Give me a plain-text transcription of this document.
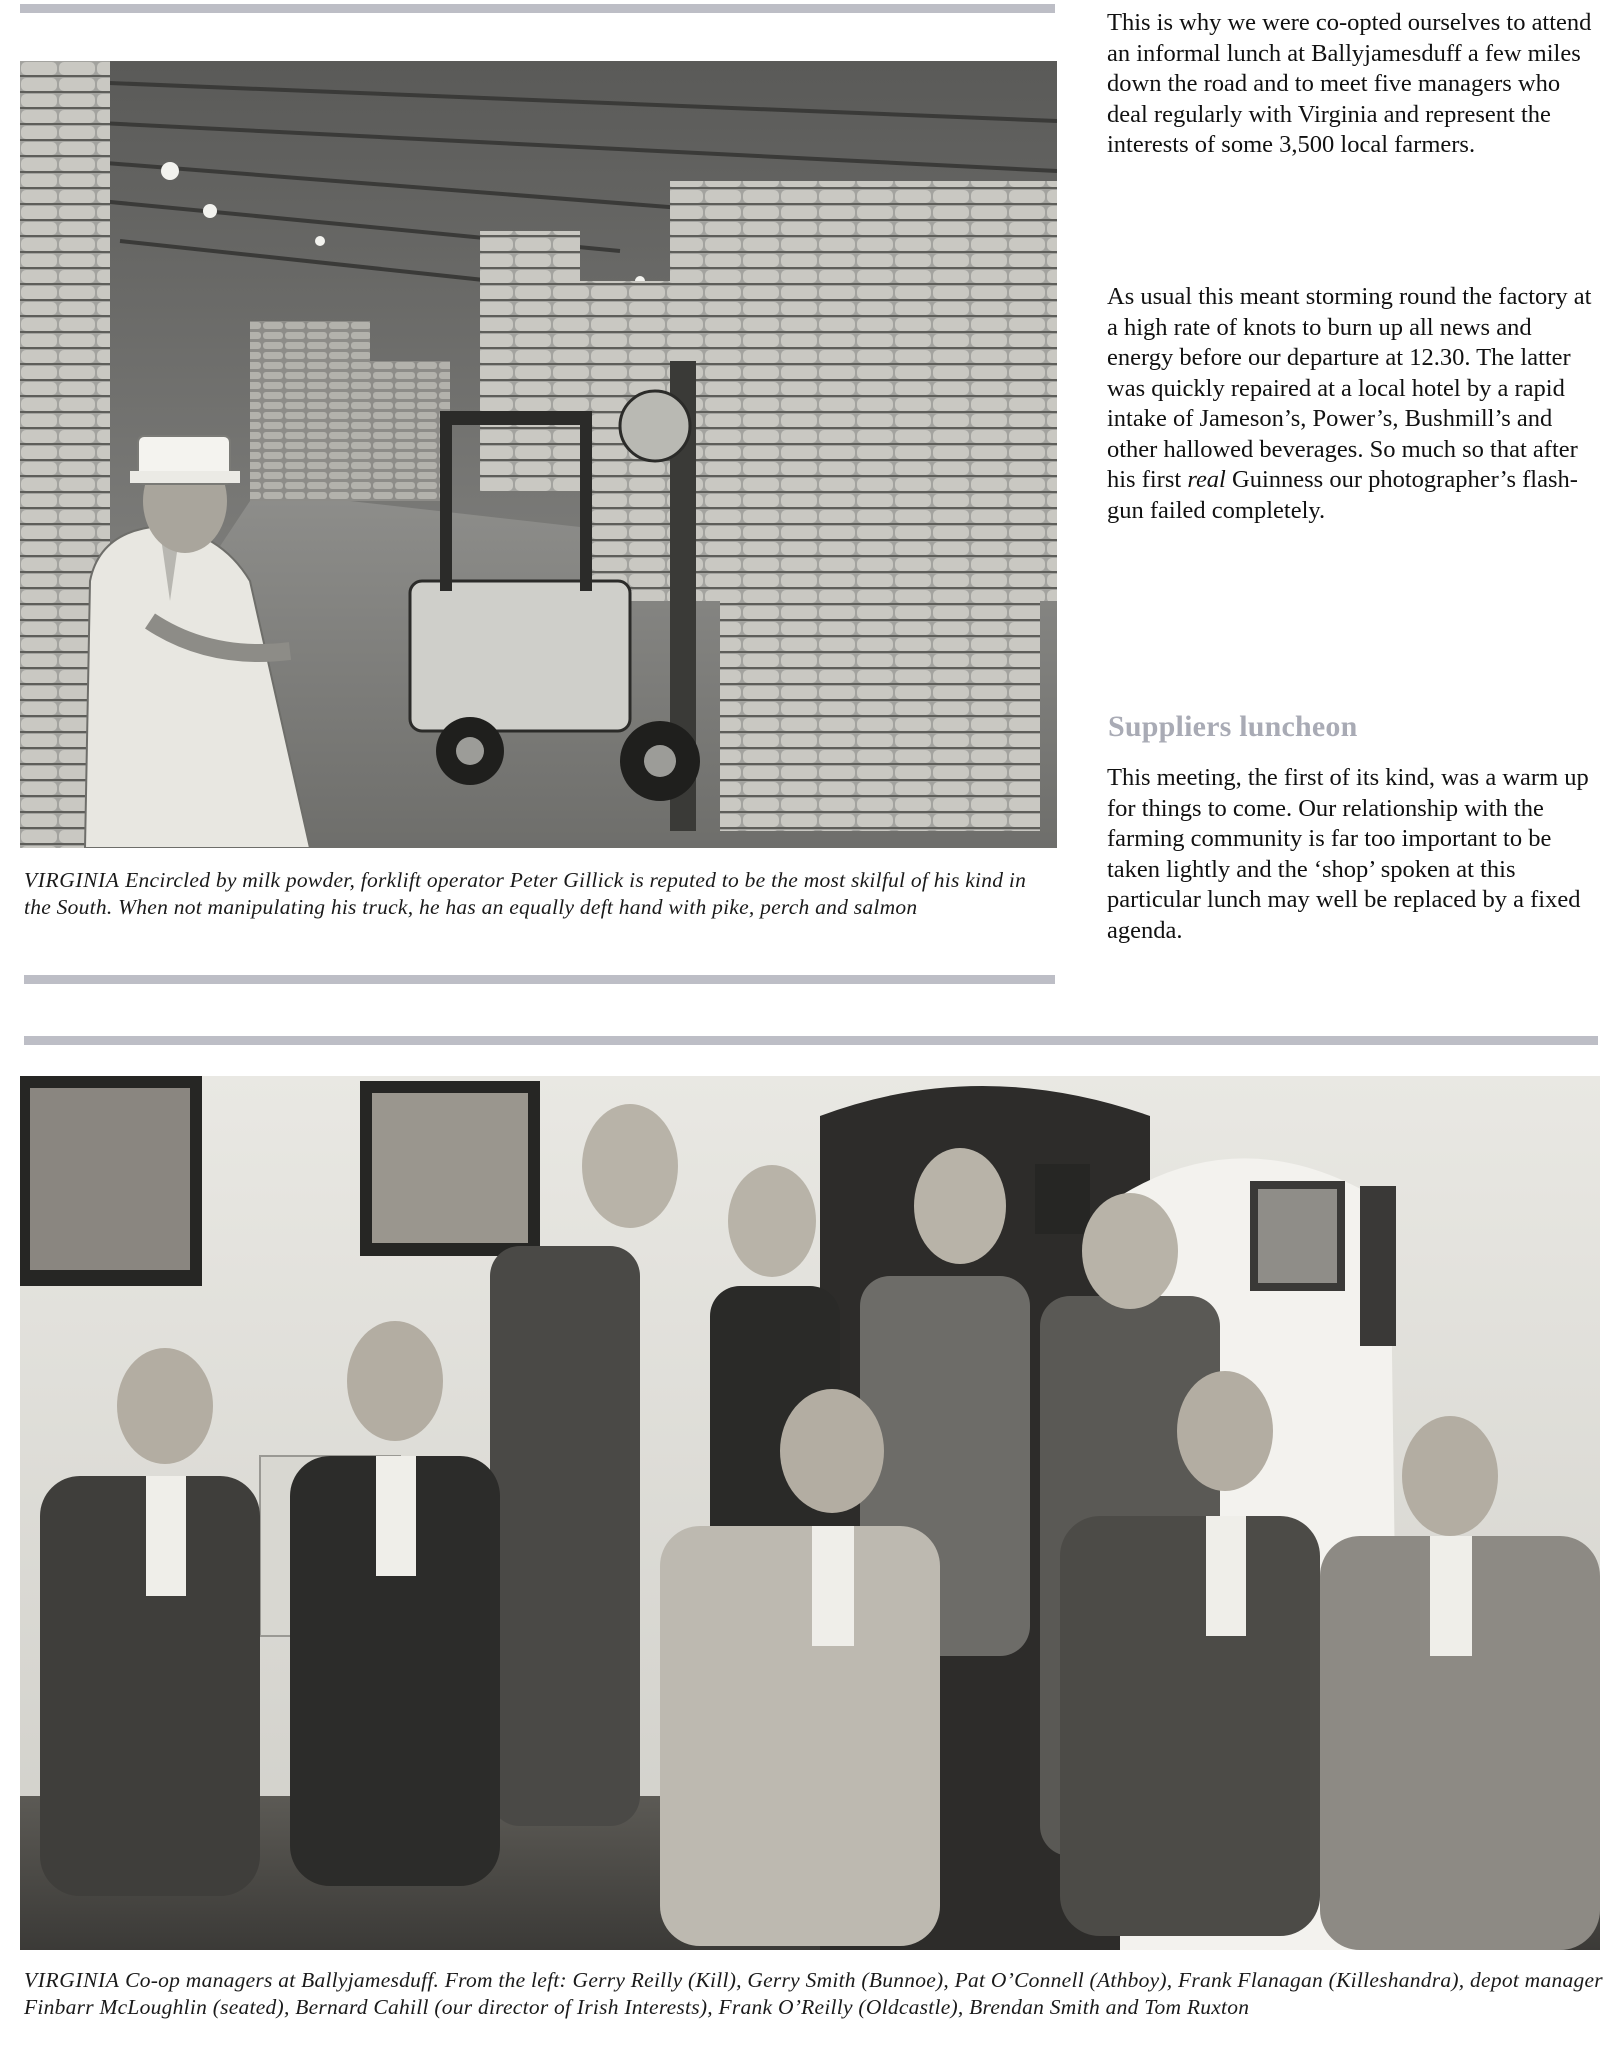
VIRGINIA Encircled by milk powder, forklift operator Peter Gillick is reputed to be the most skilful of his kind in the South. When not manipulating his truck, he has an equally deft hand with pike, perch and salmon

This is why we were co-opted ourselves to attend an informal lunch at Ballyjamesduff a few miles down the road and to meet five managers who deal regularly with Virginia and represent the interests of some 3,500 local farmers.

As usual this meant storming round the factory at a high rate of knots to burn up all news and energy before our departure at 12.30. The latter was quickly repaired at a local hotel by a rapid intake of Jameson’s, Power’s, Bushmill’s and other hallowed beverages. So much so that after his first real Guinness our photographer’s flash-gun failed completely.

Suppliers luncheon

This meeting, the first of its kind, was a warm up for things to come. Our relationship with the farming community is far too important to be taken lightly and the ‘shop’ spoken at this particular lunch may well be replaced by a fixed agenda.

VIRGINIA Co-op managers at Ballyjamesduff. From the left: Gerry Reilly (Kill), Gerry Smith (Bunnoe), Pat O’Connell (Athboy), Frank Flanagan (Killeshandra), depot manager Finbarr McLoughlin (seated), Bernard Cahill (our director of Irish Interests), Frank O’Reilly (Oldcastle), Brendan Smith and Tom Ruxton
